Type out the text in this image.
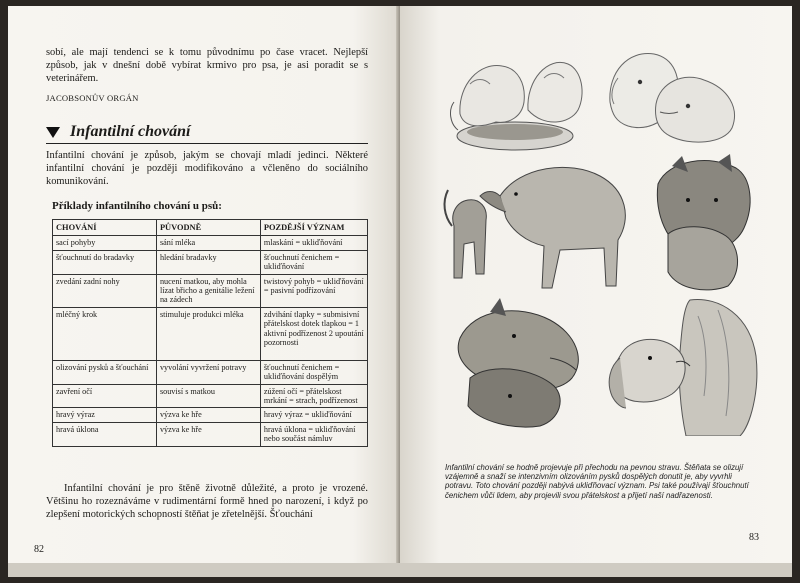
sobí, ale mají tendenci se k tomu původnímu po čase vracet. Nejlepší způsob, jak v dnešní době vybírat krmivo pro psa, je asi poradit se s veterinářem.
JACOBSONŮV ORGÁN
Infantilní chování
Infantilní chování je způsob, jakým se chovají mladí jedinci. Některé infantilní chování je později modifikováno a včleněno do sociálního komunikování.
Příklady infantilního chování u psů:
CHOVÁNÍ	PŮVODNĚ	POZDĚJŠÍ VÝZNAM
sací pohyby	sání mléka	mlaskání = ukliďňování
šťouchnutí do bradavky	hledání bradavky	šťouchnutí čenichem = ukliďňování
zvedání zadní nohy	nucení matkou, aby mohla lízat břicho a genitálie ležení na zádech	twistový pohyb = ukliďňování = pasivní podřízování
mléčný krok	stimuluje produkci mléka	zdvihání tlapky = submisivní přátelskost dotek tlapkou = 1 aktivní podřízenost 2 upoutání pozornosti
olizování pysků a šťouchání	vyvolání vyvržení potravy	šťouchnutí čenichem = ukliďňování dospělým
zavření očí	souvisí s matkou	zúžení očí = přátelskost mrkání = strach, podřízenost
hravý výraz	výzva ke hře	hravý výraz = ukliďňování
hravá úklona	výzva ke hře	hravá úklona = ukliďňování nebo součást námluv
Infantilní chování je pro štěně životně důležité, a proto je vrozené. Většinu ho rozeznáváme v rudimentární formě hned po narození, i když po zlepšení motorických schopností štěňat je zřetelnější. Šťouchání
82
Infantilní chování se hodně projevuje při přechodu na pevnou stravu. Štěňata se olizují vzájemně a snaží se intenzivním olizováním pysků dospělých donutit je, aby vyvrhli potravu. Toto chování později nabývá ukliďňovací význam. Psi také používají šťouchnutí čenichem vůči lidem, aby projevili svou přátelskost a přijetí naší nadřazenosti.
83
